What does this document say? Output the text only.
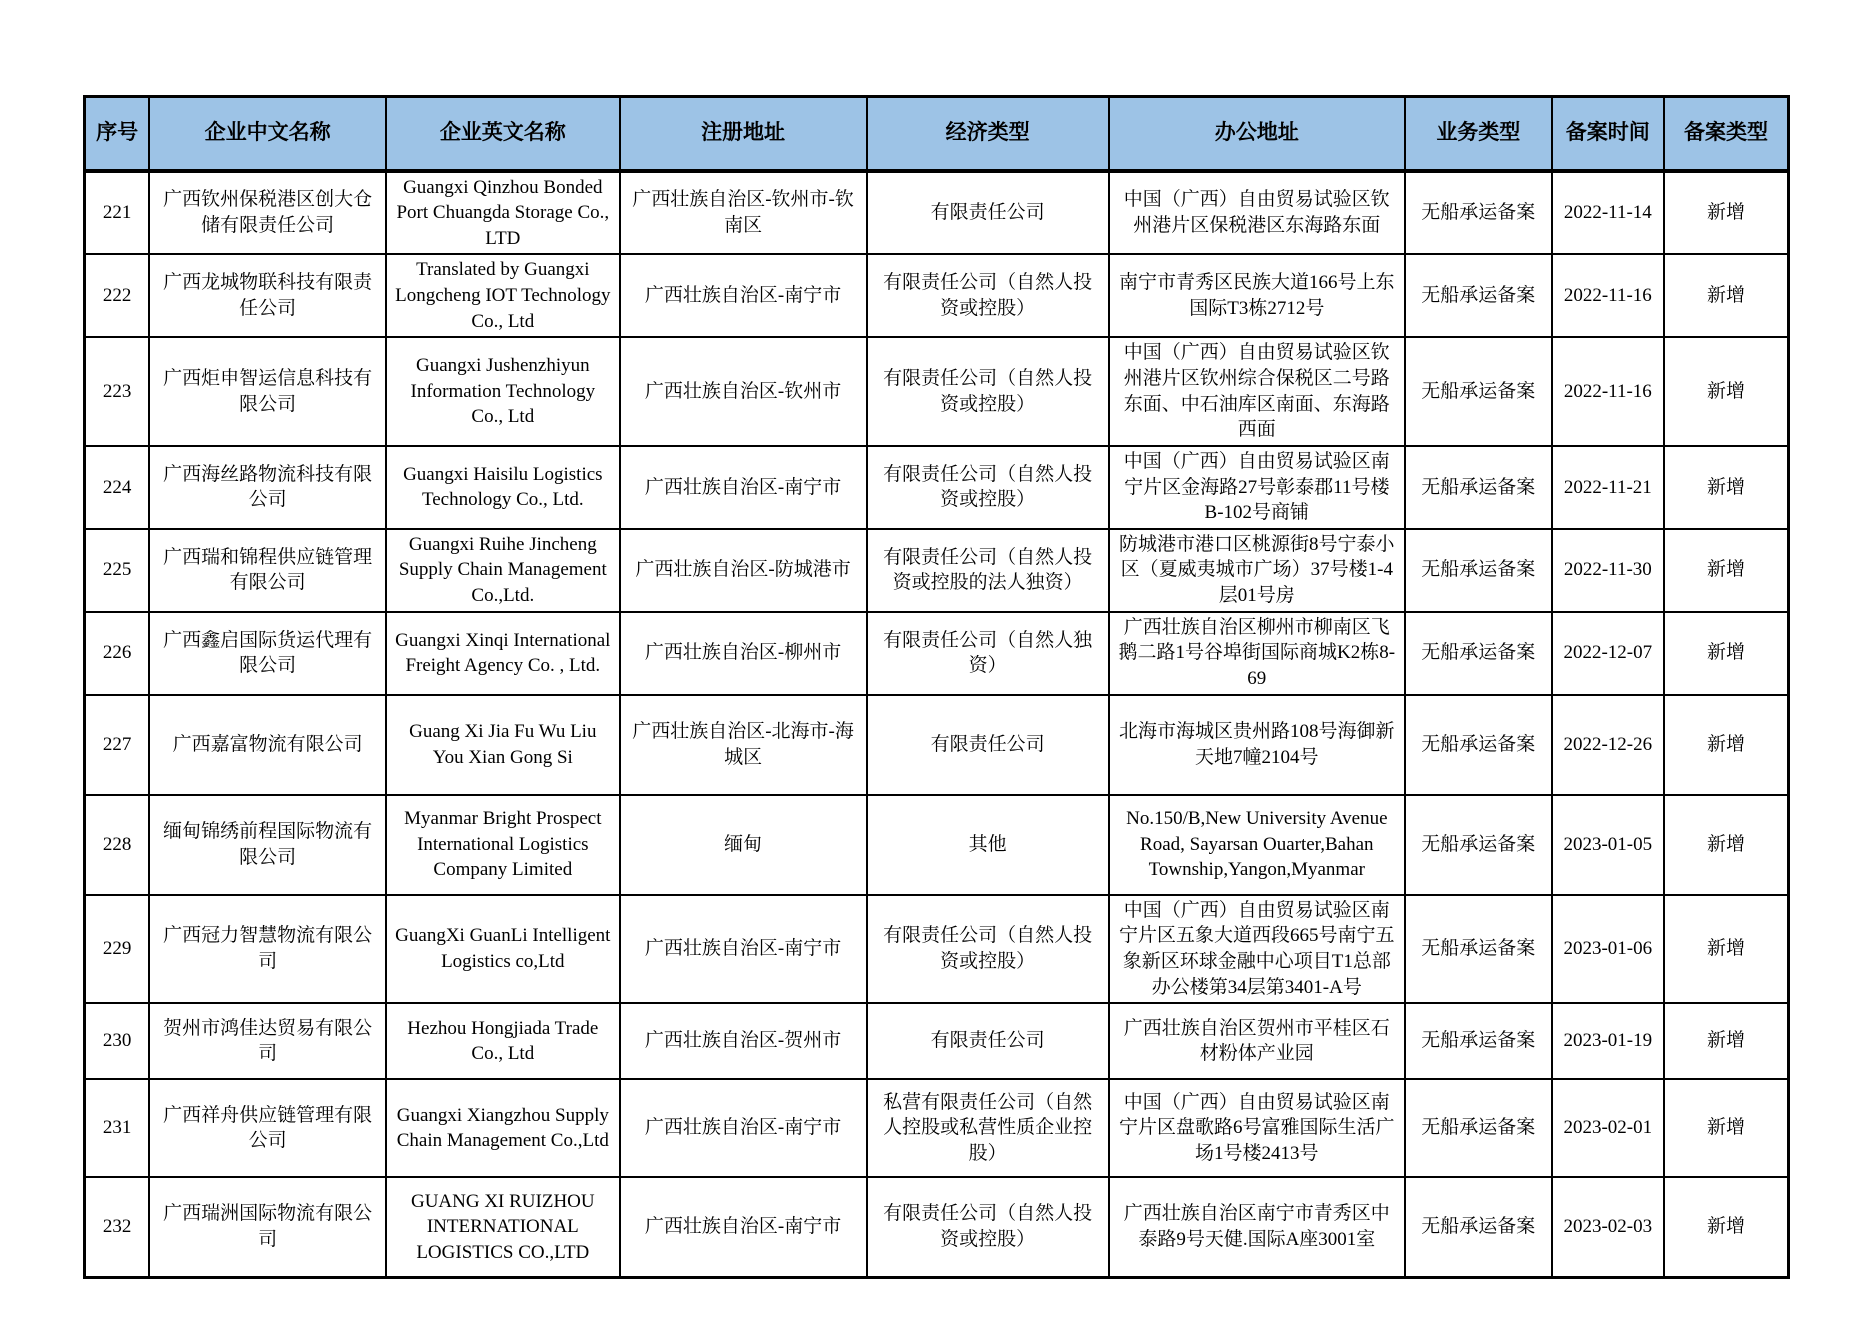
序号	企业中文名称	企业英文名称	注册地址	经济类型	办公地址	业务类型	备案时间	备案类型
221	广西钦州保税港区创大仓储有限责任公司	Guangxi Qinzhou Bonded Port Chuangda Storage Co., LTD	广西壮族自治区-钦州市-钦南区	有限责任公司	中国（广西）自由贸易试验区钦州港片区保税港区东海路东面	无船承运备案	2022-11-14	新增
222	广西龙城物联科技有限责任公司	Translated by Guangxi Longcheng IOT Technology Co., Ltd	广西壮族自治区-南宁市	有限责任公司（自然人投资或控股）	南宁市青秀区民族大道166号上东国际T3栋2712号	无船承运备案	2022-11-16	新增
223	广西炬申智运信息科技有限公司	Guangxi Jushenzhiyun Information Technology Co., Ltd	广西壮族自治区-钦州市	有限责任公司（自然人投资或控股）	中国（广西）自由贸易试验区钦州港片区钦州综合保税区二号路东面、中石油库区南面、东海路西面	无船承运备案	2022-11-16	新增
224	广西海丝路物流科技有限公司	Guangxi Haisilu Logistics Technology Co., Ltd.	广西壮族自治区-南宁市	有限责任公司（自然人投资或控股）	中国（广西）自由贸易试验区南宁片区金海路27号彰泰郡11号楼B-102号商铺	无船承运备案	2022-11-21	新增
225	广西瑞和锦程供应链管理有限公司	Guangxi Ruihe Jincheng Supply Chain Management Co.,Ltd.	广西壮族自治区-防城港市	有限责任公司（自然人投资或控股的法人独资）	防城港市港口区桃源街8号宁泰小区（夏威夷城市广场）37号楼1-4层01号房	无船承运备案	2022-11-30	新增
226	广西鑫启国际货运代理有限公司	Guangxi Xinqi International Freight Agency Co. , Ltd.	广西壮族自治区-柳州市	有限责任公司（自然人独资）	广西壮族自治区柳州市柳南区飞鹅二路1号谷埠街国际商城K2栋8-69	无船承运备案	2022-12-07	新增
227	广西嘉富物流有限公司	Guang Xi Jia Fu Wu Liu You Xian Gong Si	广西壮族自治区-北海市-海城区	有限责任公司	北海市海城区贵州路108号海御新天地7幢2104号	无船承运备案	2022-12-26	新增
228	缅甸锦绣前程国际物流有限公司	Myanmar Bright Prospect International Logistics Company Limited	缅甸	其他	No.150/B,New University Avenue Road, Sayarsan Ouarter,Bahan Township,Yangon,Myanmar	无船承运备案	2023-01-05	新增
229	广西冠力智慧物流有限公司	GuangXi GuanLi Intelligent Logistics co,Ltd	广西壮族自治区-南宁市	有限责任公司（自然人投资或控股）	中国（广西）自由贸易试验区南宁片区五象大道西段665号南宁五象新区环球金融中心项目T1总部办公楼第34层第3401-A号	无船承运备案	2023-01-06	新增
230	贺州市鸿佳达贸易有限公司	Hezhou Hongjiada Trade Co., Ltd	广西壮族自治区-贺州市	有限责任公司	广西壮族自治区贺州市平桂区石材粉体产业园	无船承运备案	2023-01-19	新增
231	广西祥舟供应链管理有限公司	Guangxi Xiangzhou Supply Chain Management Co.,Ltd	广西壮族自治区-南宁市	私营有限责任公司（自然人控股或私营性质企业控股）	中国（广西）自由贸易试验区南宁片区盘歌路6号富雅国际生活广场1号楼2413号	无船承运备案	2023-02-01	新增
232	广西瑞洲国际物流有限公司	GUANG XI RUIZHOU INTERNATIONAL LOGISTICS CO.,LTD	广西壮族自治区-南宁市	有限责任公司（自然人投资或控股）	广西壮族自治区南宁市青秀区中泰路9号天健.国际A座3001室	无船承运备案	2023-02-03	新增
